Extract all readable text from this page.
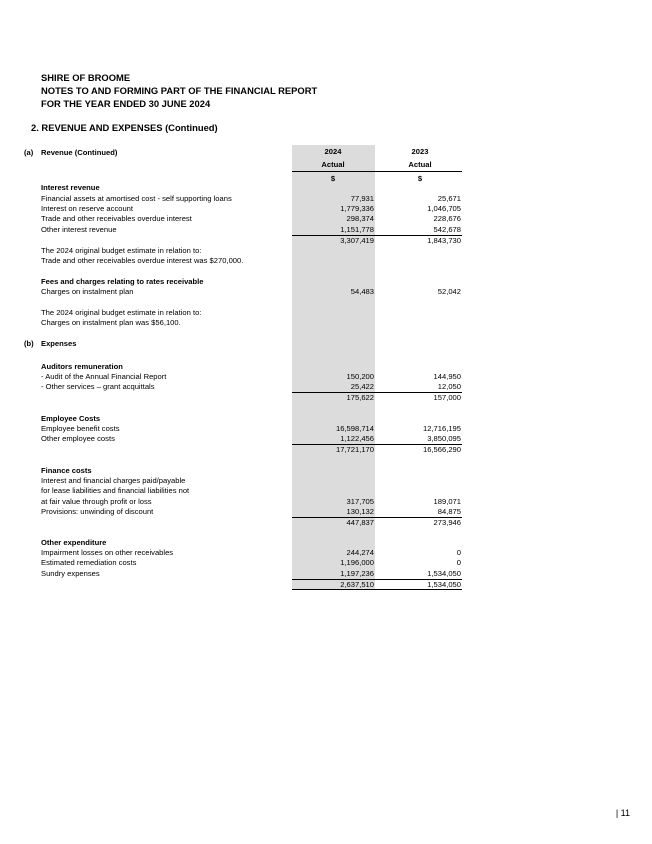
SHIRE OF BROOME
NOTES TO AND FORMING PART OF THE FINANCIAL REPORT
FOR THE YEAR ENDED 30 JUNE 2024
2. REVENUE AND EXPENSES (Continued)
2024	2023
Actual	Actual
$	$
(a) Revenue (Continued)
Interest revenue
Financial assets at amortised cost - self supporting loans	77,931	25,671
Interest on reserve account	1,779,336	1,046,705
Trade and other receivables overdue interest	298,374	228,676
Other interest revenue	1,151,778	542,678
3,307,419	1,843,730
The 2024 original budget estimate in relation to:
Trade and other receivables overdue interest was $270,000.
Fees and charges relating to rates receivable
Charges on instalment plan	54,483	52,042
The 2024 original budget estimate in relation to:
Charges on instalment plan was $56,100.
(b) Expenses
Auditors remuneration
- Audit of the Annual Financial Report	150,200	144,950
- Other services – grant acquittals	25,422	12,050
175,622	157,000
Employee Costs
Employee benefit costs	16,598,714	12,716,195
Other employee costs	1,122,456	3,850,095
17,721,170	16,566,290
Finance costs
Interest and financial charges paid/payable
for lease liabilities and financial liabilities not
at fair value through profit or loss	317,705	189,071
Provisions: unwinding of discount	130,132	84,875
447,837	273,946
Other expenditure
Impairment losses on other receivables	244,274	0
Estimated remediation costs	1,196,000	0
Sundry expenses	1,197,236	1,534,050
2,637,510	1,534,050
| 11
